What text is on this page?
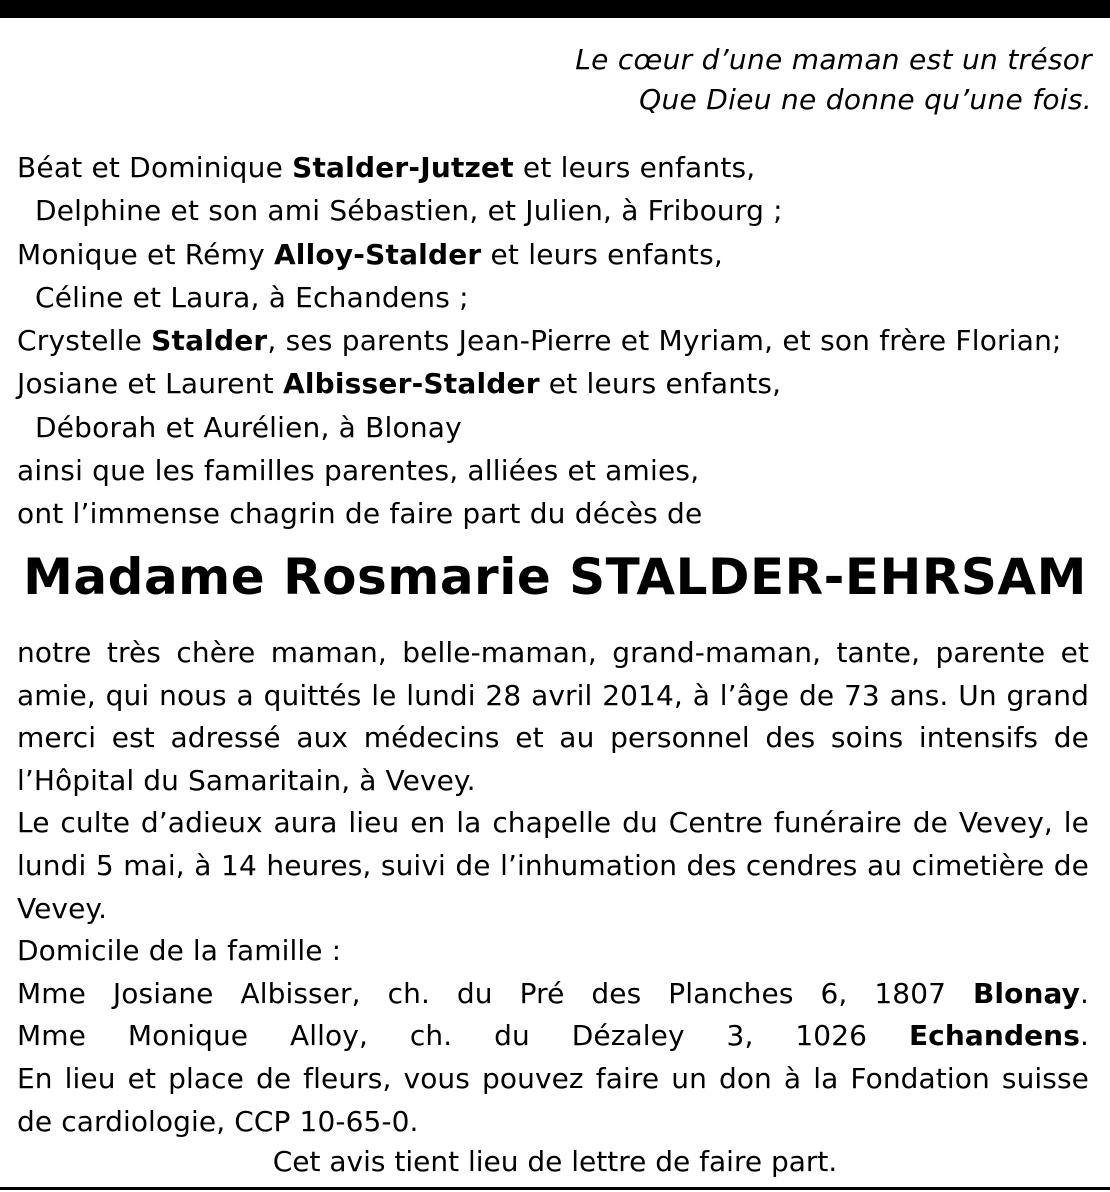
Le cœur d’une maman est un trésor
Que Dieu ne donne qu’une fois.
Béat et Dominique Stalder-Jutzet et leurs enfants,
Delphine et son ami Sébastien, et Julien, à Fribourg ;
Monique et Rémy Alloy-Stalder et leurs enfants,
Céline et Laura, à Echandens ;
Crystelle Stalder, ses parents Jean-Pierre et Myriam, et son frère Florian;
Josiane et Laurent Albisser-Stalder et leurs enfants,
Déborah et Aurélien, à Blonay
ainsi que les familles parentes, alliées et amies,
ont l’immense chagrin de faire part du décès de
Madame Rosmarie STALDER-EHRSAM
notre très chère maman, belle-maman, grand-maman, tante, parente et amie, qui nous a quittés le lundi 28 avril 2014, à l’âge de 73 ans. Un grand merci est adressé aux médecins et au personnel des soins intensifs de l’Hôpital du Samaritain, à Vevey.
Le culte d’adieux aura lieu en la chapelle du Centre funéraire de Vevey, le lundi 5 mai, à 14 heures, suivi de l’inhumation des cendres au cimetière de Vevey.
Domicile de la famille :
Mme Josiane Albisser, ch. du Pré des Planches 6, 1807 Blonay.
Mme Monique Alloy, ch. du Dézaley 3, 1026 Echandens.
En lieu et place de fleurs, vous pouvez faire un don à la Fondation suisse de cardiologie, CCP 10-65-0.
Cet avis tient lieu de lettre de faire part.
